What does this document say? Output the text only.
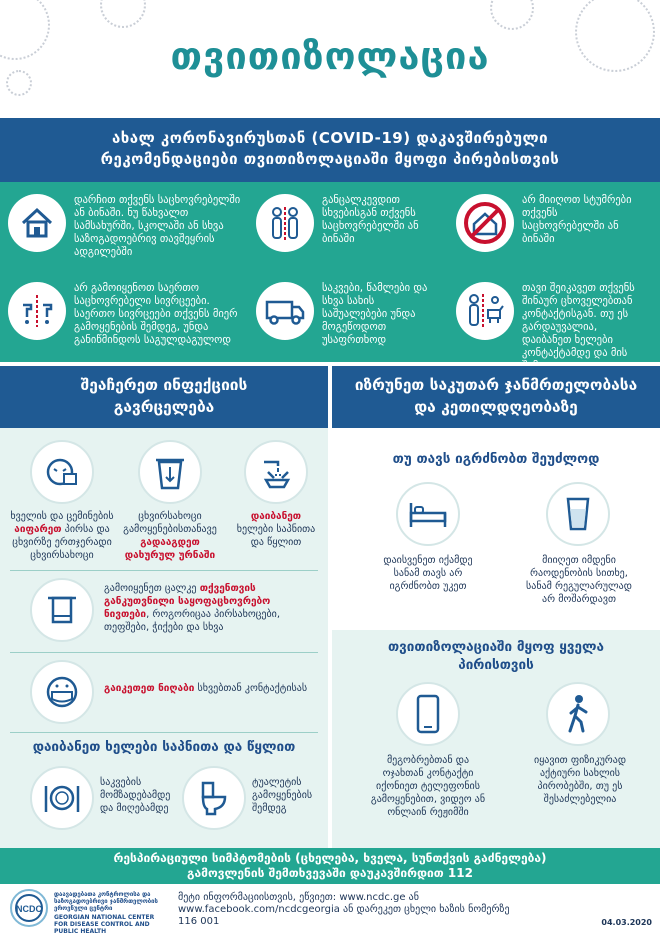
თვითიზოლაცია
ახალ კორონავირუსთან (COVID-19) დაკავშირებული
რეკომენდაციები თვითიზოლაციაში მყოფი პირებისთვის
დარჩით თქვენს საცხოვრებელში ან ბინაში. ნუ წახვალთ სამსახურში, სკოლაში ან სხვა საზოგადოებრივ თავშეყრის ადგილებში
განცალკევდით სხვებისგან თქვენს საცხოვრებელში ან ბინაში
არ მიიღოთ სტუმრები თქვენს საცხოვრებელში ან ბინაში
არ გამოიყენოთ საერთო საცხოვრებელი სივრცეები. საერთო სივრცეები თქვენს მიერ გამოყენების შემდეგ, უნდა განიწმინდოს საგულდაგულოდ
საკვები, წამლები და სხვა სახის საშუალებები უნდა მოგეწოდოთ უსაფრთხოდ
თავი შეიკავეთ თქვენს შინაურ ცხოველებთან კონტაქტისგან. თუ ეს გარდაუვალია, დაიბანეთ ხელები კონტაქტამდე და მის
შეაჩერეთ ინფექციის
გავრცელება
იზრუნეთ საკუთარ ჯანმრთელობასა
და კეთილდღეობაზე
ხველის და ცემინების აიფარეთ პირსა და ცხვირზე ერთჯერადი ცხვირსახოცი
ცხვირსახოცი გამოყენებისთანავე გადააგდეთ დახურულ ურნაში
დაიბანეთ ხელები საპნითა და წყლით
გამოიყენეთ ცალკე თქვენთვის განკუთვნილი საყოფაცხოვრებო ნივთები, როგორიცაა პირსახოცები, თეფშები, ჭიქები და სხვა
გაიკეთეთ ნიღაბი სხვებთან კონტაქტისას
დაიბანეთ ხელები საპნითა და წყლით
საკვების მომზადებამდე და მიღებამდე
ტუალეტის გამოყენების შემდეგ
თუ თავს იგრძნობთ შეუძლოდ
დაისვენეთ იქამდე სანამ თავს არ იგრძნობთ უკეთ
მიიღეთ იმდენი რაოდენობის სითხე, სანამ რეგულარულად არ მოშარდავთ
თვითიზოლაციაში მყოფ ყველა
პირისთვის
მეგობრებთან და ოჯახთან კონტაქტი იქონიეთ ტელეფონის გამოყენებით, ვიდეო ან ონლაინ რეჟიმში
იყავით ფიზიკურად აქტიური სახლის პირობებში, თუ ეს შესაძლებელია
რესპირაციული სიმპტომების (ცხელება, ხველა, სუნთქვის გაძნელება)
გამოვლენის შემთხვევაში დაუკავშირდით 112
NCDC
დაავადებათა კონტროლისა და საზოგადოებრივი ჯანმრთელობის ეროვნული ცენტრი
GEORGIAN NATIONAL CENTER FOR DISEASE CONTROL AND PUBLIC HEALTH
მეტი ინფორმაციისთვის, ეწვიეთ: www.ncdc.ge ან
www.facebook.com/ncdcgeorgia ან დარეკეთ ცხელი ხაზის ნომერზე
116 001	04.03.2020
